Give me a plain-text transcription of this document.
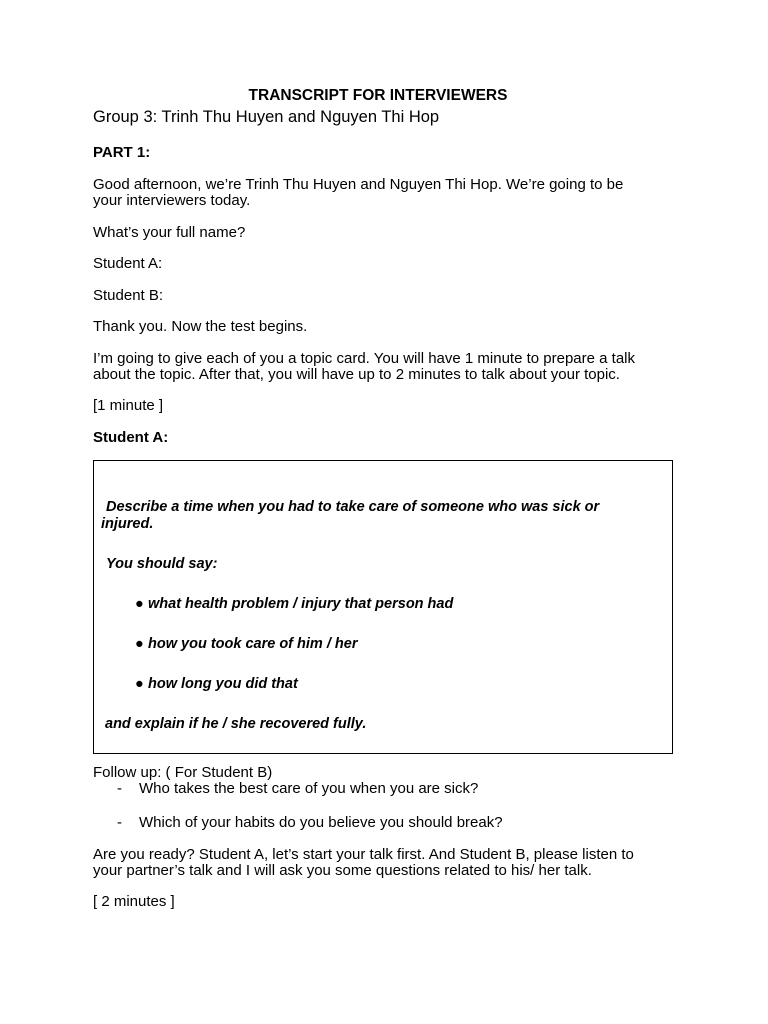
TRANSCRIPT FOR INTERVIEWERS

Group 3: Trinh Thu Huyen and Nguyen Thi Hop

PART 1:

Good afternoon, we’re Trinh Thu Huyen and Nguyen Thi Hop. We’re going to be

your interviewers today.

What’s your full name?

Student A:

Student B:

Thank you. Now the test begins.

I’m going to give each of you a topic card. You will have 1 minute to prepare a talk

about the topic. After that, you will have up to 2 minutes to talk about your topic.

[1 minute ]

Student A:

Describe a time when you had to take care of someone who was sick or

injured.

You should say:

● what health problem / injury that person had

● how you took care of him / her

● how long you did that

and explain if he / she recovered fully.

Follow up: ( For Student B)

- Who takes the best care of you when you are sick?

- Which of your habits do you believe you should break?

Are you ready? Student A, let’s start your talk first. And Student B, please listen to

your partner’s talk and I will ask you some questions related to his/ her talk.

[ 2 minutes ]
